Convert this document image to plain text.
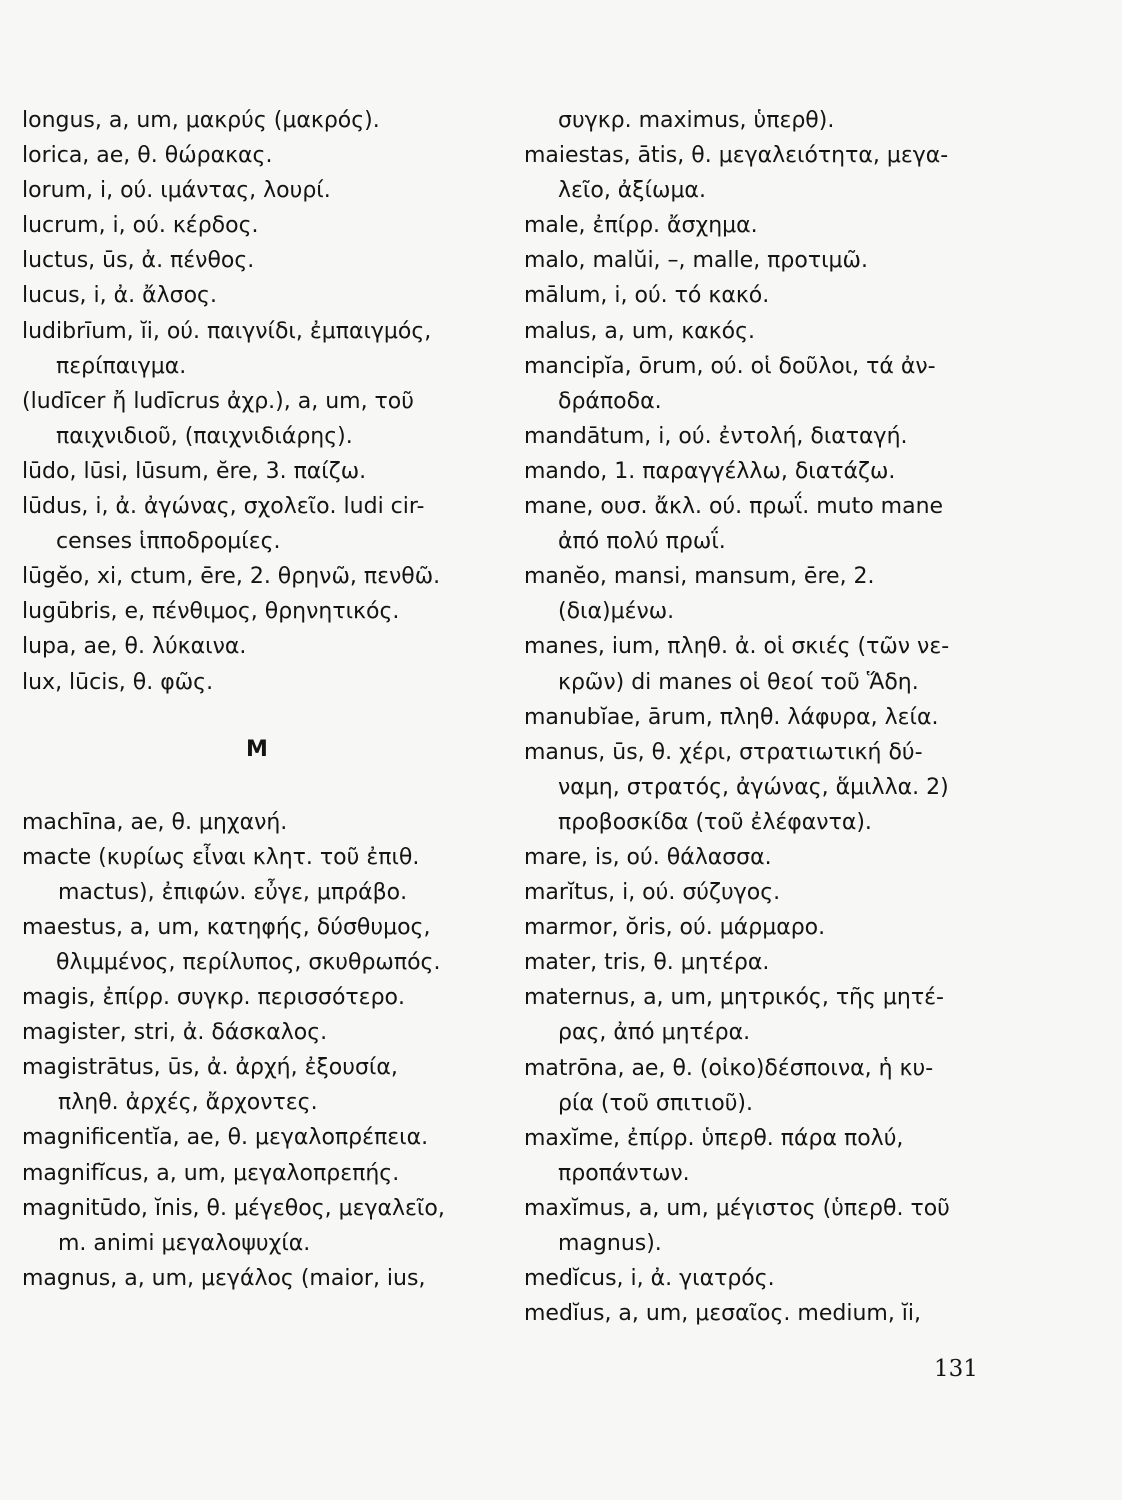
longus, a, um, μακρύς (μακρός).
lorica, ae, θ. θώρακας.
lorum, i, ού. ιμάντας, λουρί.
lucrum, i, ού. κέρδος.
luctus, ūs, ἀ. πένθος.
lucus, i, ἀ. ἄλσος.
ludibrīum, ĭi, ού. παιγνίδι, ἐμπαιγμός,
περίπαιγμα.
(ludīcer ἤ ludīcrus ἀχρ.), a, um, τοῦ
παιχνιδιοῦ, (παιχνιδιάρης).
lūdo, lūsi, lūsum, ĕre, 3. παίζω.
lūdus, i, ἀ. ἀγώνας, σχολεῖο. ludi cir-
censes ἱπποδρομίες.
lūgĕo, xi, ctum, ēre, 2. θρηνῶ, πενθῶ.
lugūbris, e, πένθιμος, θρηνητικός.
lupa, ae, θ. λύκαινα.
lux, lūcis, θ. φῶς.
M
machīna, ae, θ. μηχανή.
macte (κυρίως εἶναι κλητ. τοῦ ἐπιθ.
mactus), ἐπιφών. εὖγε, μπράβο.
maestus, a, um, κατηφής, δύσθυμος,
θλιμμένος, περίλυπος, σκυθρωπός.
magis, ἐπίρρ. συγκρ. περισσότερο.
magister, stri, ἀ. δάσκαλος.
magistrātus, ūs, ἀ. ἀρχή, ἐξουσία,
πληθ. ἀρχές, ἄρχοντες.
magnificentĭa, ae, θ. μεγαλοπρέπεια.
magnifĭcus, a, um, μεγαλοπρεπής.
magnitūdo, ĭnis, θ. μέγεθος, μεγαλεῖο,
m. animi μεγαλοψυχία.
magnus, a, um, μεγάλος (maior, ius,
συγκρ. maximus, ὑπερθ).
maiestas, ātis, θ. μεγαλειότητα, μεγα-
λεῖο, ἀξίωμα.
male, ἐπίρρ. ἄσχημα.
malo, malŭi, –, malle, προτιμῶ.
mālum, i, ού. τό κακό.
malus, a, um, κακός.
mancipĭa, ōrum, ού. οἱ δοῦλοι, τά ἀν-
δράποδα.
mandātum, i, ού. ἐντολή, διαταγή.
mando, 1. παραγγέλλω, διατάζω.
mane, ουσ. ἄκλ. ού. πρωΐ. muto mane
ἀπό πολύ πρωΐ.
manĕo, mansi, mansum, ēre, 2.
(δια)μένω.
manes, ium, πληθ. ἀ. οἱ σκιές (τῶν νε-
κρῶν) di manes οἱ θεοί τοῦ Ἅδη.
manubĭae, ārum, πληθ. λάφυρα, λεία.
manus, ūs, θ. χέρι, στρατιωτική δύ-
ναμη, στρατός, ἀγώνας, ἅμιλλα. 2)
προβοσκίδα (τοῦ ἐλέφαντα).
mare, is, ού. θάλασσα.
marĭtus, i, ού. σύζυγος.
marmor, ŏris, ού. μάρμαρο.
mater, tris, θ. μητέρα.
maternus, a, um, μητρικός, τῆς μητέ-
ρας, ἀπό μητέρα.
matrōna, ae, θ. (οἰκο)δέσποινα, ἡ κυ-
ρία (τοῦ σπιτιοῦ).
maxĭme, ἐπίρρ. ὑπερθ. πάρα πολύ,
προπάντων.
maxĭmus, a, um, μέγιστος (ὑπερθ. τοῦ
magnus).
medĭcus, i, ἀ. γιατρός.
medĭus, a, um, μεσαῖος. medium, ĭi,
131
